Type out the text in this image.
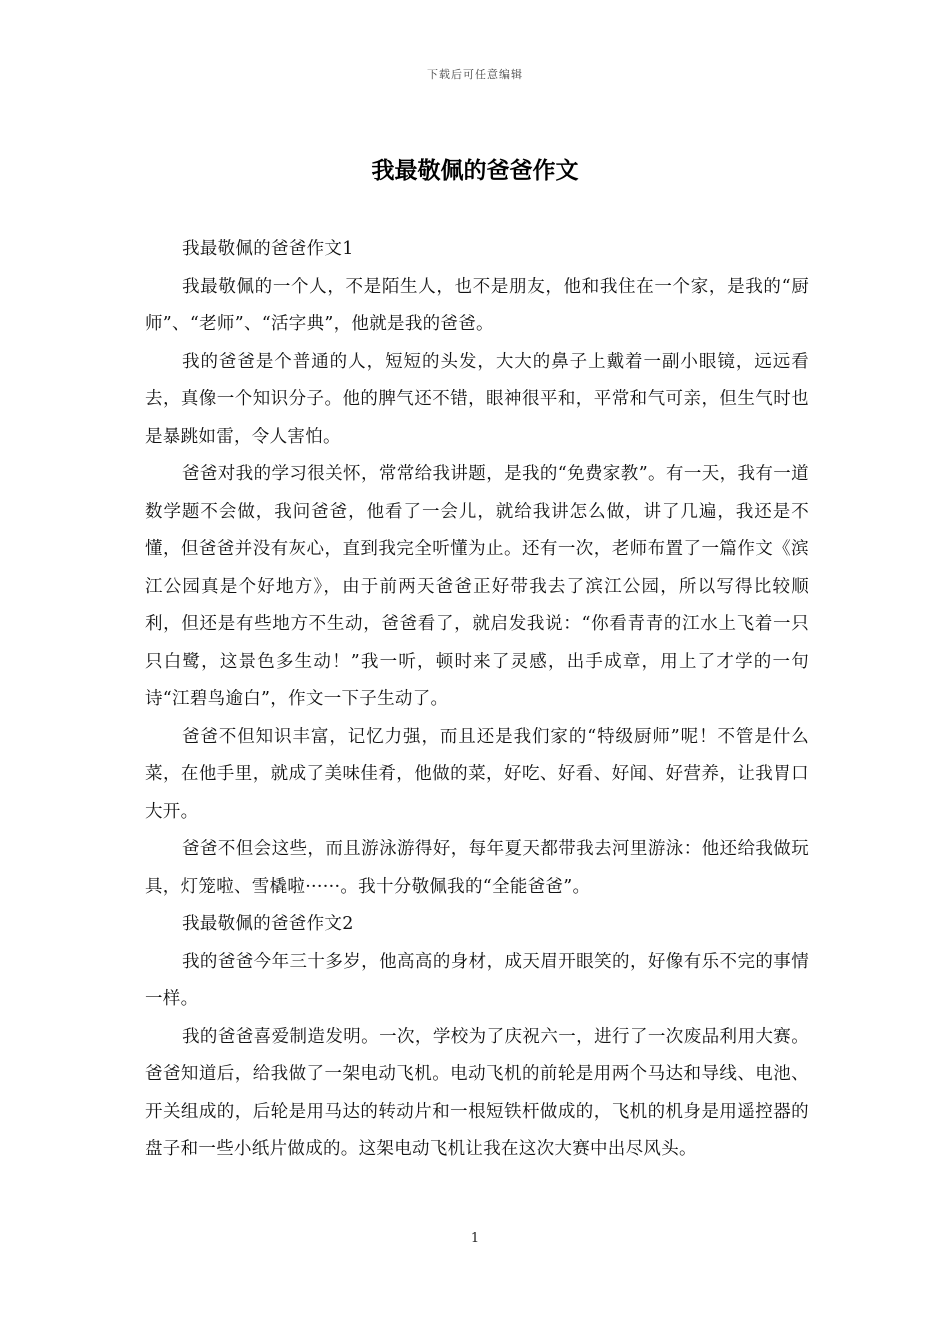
下载后可任意编辑
我最敬佩的爸爸作文

我最敬佩的爸爸作文1

我最敬佩的一个人，不是陌生人，也不是朋友，他和我住在一个家，是我的“厨师”、“老师”、“活字典”，他就是我的爸爸。

我的爸爸是个普通的人，短短的头发，大大的鼻子上戴着一副小眼镜，远远看去，真像一个知识分子。他的脾气还不错，眼神很平和，平常和气可亲，但生气时也是暴跳如雷，令人害怕。

爸爸对我的学习很关怀，常常给我讲题，是我的“免费家教”。有一天，我有一道数学题不会做，我问爸爸，他看了一会儿，就给我讲怎么做，讲了几遍，我还是不懂，但爸爸并没有灰心，直到我完全听懂为止。还有一次，老师布置了一篇作文《滨江公园真是个好地方》，由于前两天爸爸正好带我去了滨江公园，所以写得比较顺利，但还是有些地方不生动，爸爸看了，就启发我说：“你看青青的江水上飞着一只只白鹭，这景色多生动！”我一听，顿时来了灵感，出手成章，用上了才学的一句诗“江碧鸟逾白”，作文一下子生动了。

爸爸不但知识丰富，记忆力强，而且还是我们家的“特级厨师”呢！不管是什么菜，在他手里，就成了美味佳肴，他做的菜，好吃、好看、好闻、好营养，让我胃口大开。

爸爸不但会这些，而且游泳游得好，每年夏天都带我去河里游泳：他还给我做玩具，灯笼啦、雪橇啦······。我十分敬佩我的“全能爸爸”。

我最敬佩的爸爸作文2

我的爸爸今年三十多岁，他高高的身材，成天眉开眼笑的，好像有乐不完的事情一样。

我的爸爸喜爱制造发明。一次，学校为了庆祝六一，进行了一次废品利用大赛。爸爸知道后，给我做了一架电动飞机。电动飞机的前轮是用两个马达和导线、电池、开关组成的，后轮是用马达的转动片和一根短铁杆做成的，飞机的机身是用遥控器的盘子和一些小纸片做成的。这架电动飞机让我在这次大赛中出尽风头。

1
